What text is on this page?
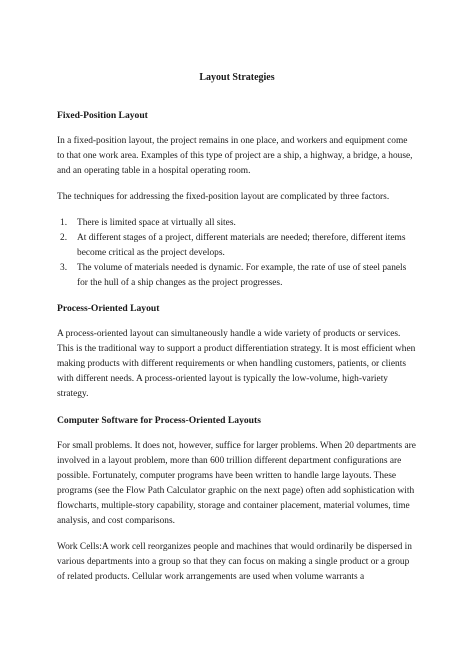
Layout Strategies
Fixed-Position Layout

In a fixed-position layout, the project remains in one place, and workers and equipment come to that one work area. Examples of this type of project are a ship, a highway, a bridge, a house, and an operating table in a hospital operating room.

The techniques for addressing the fixed-position layout are complicated by three factors.

1. There is limited space at virtually all sites.
2. At different stages of a project, different materials are needed; therefore, different items become critical as the project develops.
3. The volume of materials needed is dynamic. For example, the rate of use of steel panels for the hull of a ship changes as the project progresses.
Process-Oriented Layout

A process-oriented layout can simultaneously handle a wide variety of products or services. This is the traditional way to support a product differentiation strategy. It is most efficient when making products with different requirements or when handling customers, patients, or clients with different needs. A process-oriented layout is typically the low-volume, high-variety strategy.

Computer Software for Process-Oriented Layouts

For small problems. It does not, however, suffice for larger problems. When 20 departments are involved in a layout problem, more than 600 trillion different department configurations are possible. Fortunately, computer programs have been written to handle large layouts. These programs (see the Flow Path Calculator graphic on the next page) often add sophistication with flowcharts, multiple-story capability, storage and container placement, material volumes, time analysis, and cost comparisons.

Work Cells:A work cell reorganizes people and machines that would ordinarily be dispersed in various departments into a group so that they can focus on making a single product or a group of related products. Cellular work arrangements are used when volume warrants a
